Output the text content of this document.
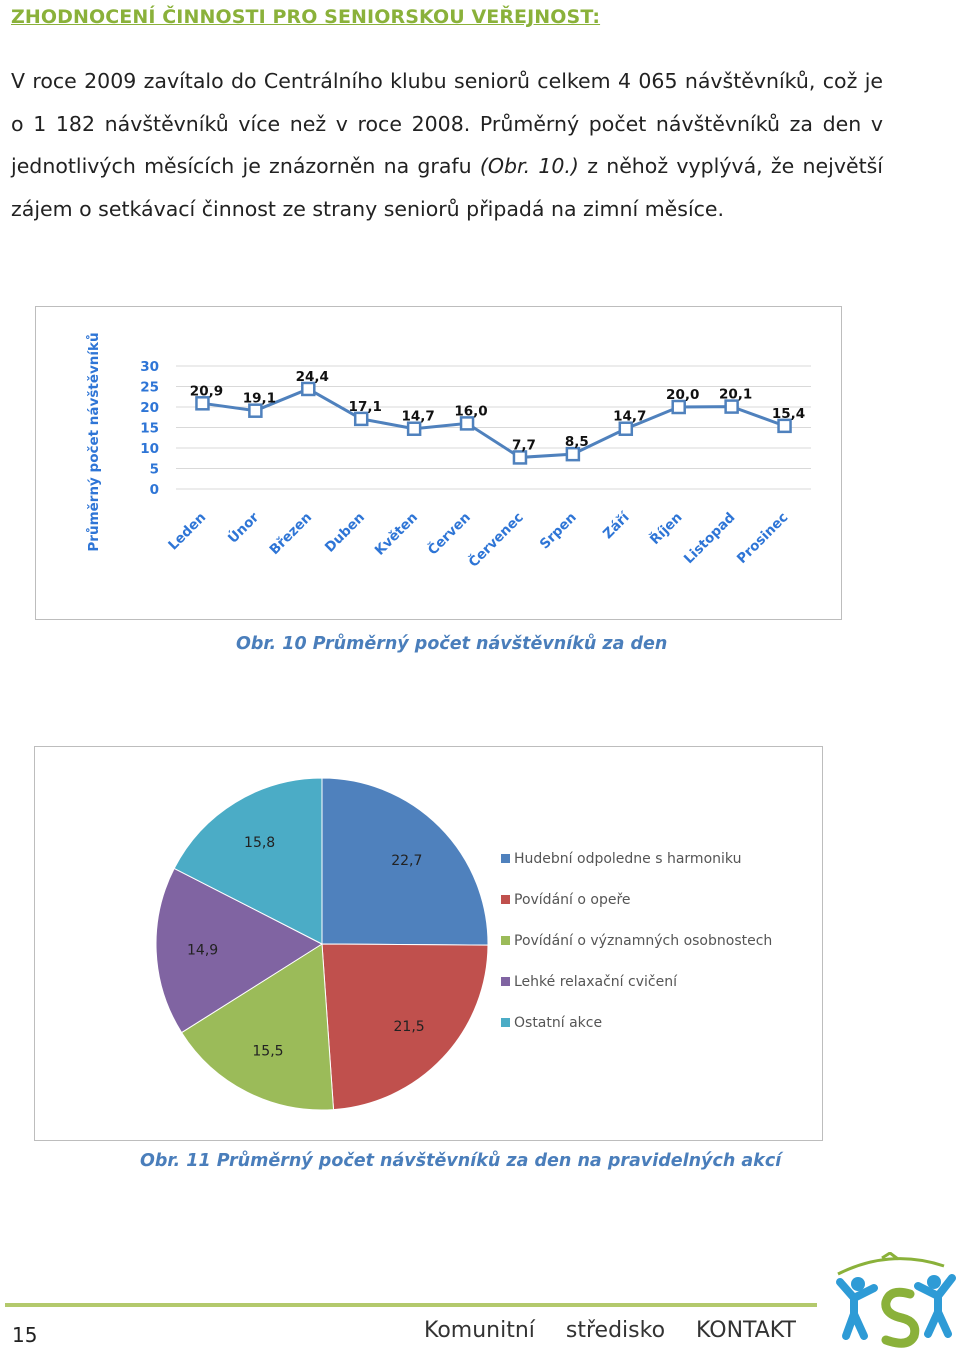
ZHODNOCENÍ ČINNOSTI PRO SENIORSKOU VEŘEJNOST:
V roce 2009 zavítalo do Centrálního klubu seniorů celkem 4 065 návštěvníků, což je o 1 182 návštěvníků více než v roce 2008. Průměrný počet návštěvníků za den v jednotlivých měsících je znázorněn na grafu (Obr. 10.) z něhož vyplývá, že největší zájem o setkávací činnost ze strany seniorů připadá na zimní měsíce.
Průměrný počet návštěvníků	30
25
20
15
10
5
0
20,9 19,1
24,4
17,1
14,7 16,0
7,7 8,5
14,7
20,0 20,1
15,4
Leden Únor Březen Duben Květen Červen
Červenec Srpen Září Říjen
Listopad
Prosinec
Obr. 10 Průměrný počet návštěvníků za den
22,7
21,5
15,5
14,9
15,8
Hudební odpoledne s harmoniku
Povídání o opeře
Povídání o významných osobnostech
Lehké relaxační cvičení
Ostatní akce
Obr. 11 Průměrný počet návštěvníků za den na pravidelných akcí
15	Komunitní středisko KONTAKT
KS
